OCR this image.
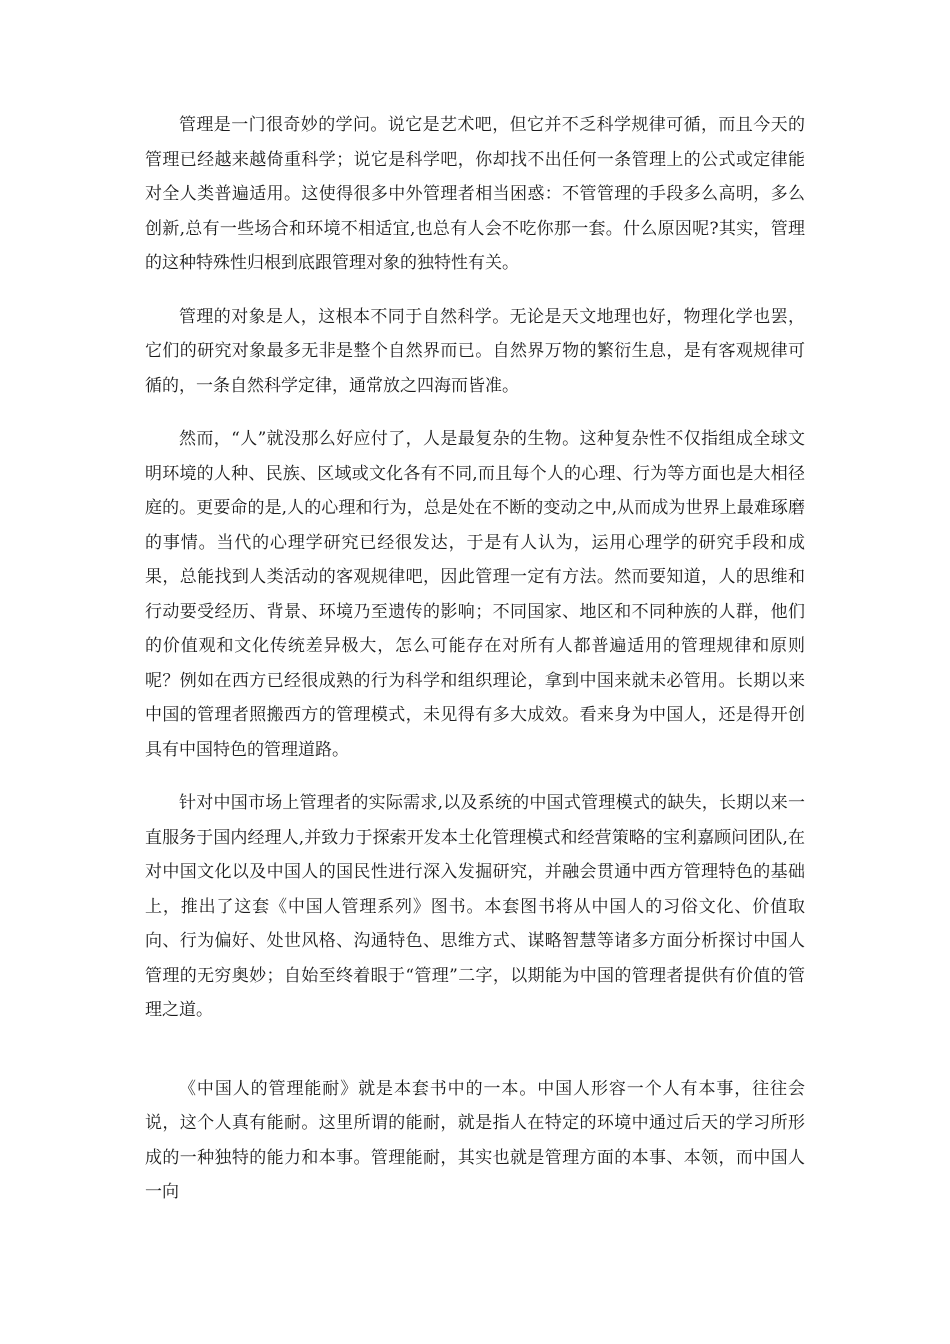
管理是一门很奇妙的学问。说它是艺术吧，但它并不乏科学规律可循，而且今天的管理已经越来越倚重科学；说它是科学吧，你却找不出任何一条管理上的公式或定律能对全人类普遍适用。这使得很多中外管理者相当困惑：不管管理的手段多么高明，多么创新,总有一些场合和环境不相适宜,也总有人会不吃你那一套。什么原因呢?其实，管理的这种特殊性归根到底跟管理对象的独特性有关。

管理的对象是人，这根本不同于自然科学。无论是天文地理也好，物理化学也罢，它们的研究对象最多无非是整个自然界而已。自然界万物的繁衍生息，是有客观规律可循的，一条自然科学定律，通常放之四海而皆准。

然而，“人”就没那么好应付了，人是最复杂的生物。这种复杂性不仅指组成全球文明环境的人种、民族、区域或文化各有不同,而且每个人的心理、行为等方面也是大相径庭的。更要命的是,人的心理和行为，总是处在不断的变动之中,从而成为世界上最难琢磨的事情。当代的心理学研究已经很发达，于是有人认为，运用心理学的研究手段和成果，总能找到人类活动的客观规律吧，因此管理一定有方法。然而要知道，人的思维和行动要受经历、背景、环境乃至遗传的影响；不同国家、地区和不同种族的人群，他们的价值观和文化传统差异极大，怎么可能存在对所有人都普遍适用的管理规律和原则呢？例如在西方已经很成熟的行为科学和组织理论，拿到中国来就未必管用。长期以来中国的管理者照搬西方的管理模式，未见得有多大成效。看来身为中国人，还是得开创具有中国特色的管理道路。

针对中国市场上管理者的实际需求,以及系统的中国式管理模式的缺失，长期以来一直服务于国内经理人,并致力于探索开发本土化管理模式和经营策略的宝利嘉顾问团队,在对中国文化以及中国人的国民性进行深入发掘研究，并融会贯通中西方管理特色的基础上，推出了这套《中国人管理系列》图书。本套图书将从中国人的习俗文化、价值取向、行为偏好、处世风格、沟通特色、思维方式、谋略智慧等诸多方面分析探讨中国人管理的无穷奥妙；自始至终着眼于“管理”二字，以期能为中国的管理者提供有价值的管理之道。

《中国人的管理能耐》就是本套书中的一本。中国人形容一个人有本事，往往会说，这个人真有能耐。这里所谓的能耐，就是指人在特定的环境中通过后天的学习所形成的一种独特的能力和本事。管理能耐，其实也就是管理方面的本事、本领，而中国人一向
